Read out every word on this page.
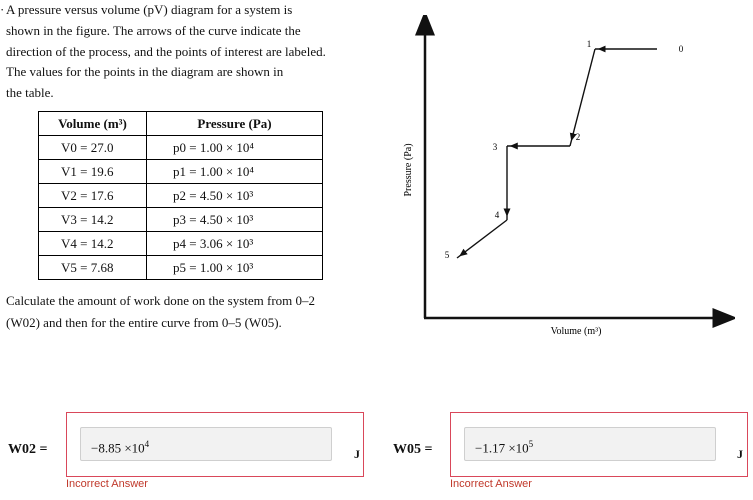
· A pressure versus volume (pV) diagram for a system is
shown in the figure. The arrows of the curve indicate the
direction of the process, and the points of interest are labeled.
The values for the points in the diagram are shown in
the table.
Volume (m³)	Pressure (Pa)
V0 = 27.0	p0 = 1.00 × 10⁴
V1 = 19.6	p1 = 1.00 × 10⁴
V2 = 17.6	p2 = 4.50 × 10³
V3 = 14.2	p3 = 4.50 × 10³
V4 = 14.2	p4 = 3.06 × 10³
V5 = 7.68	p5 = 1.00 × 10³
Calculate the amount of work done on the system from 0–2
(W02) and then for the entire curve from 0–5 (W05).
Pressure (Pa)
Volume (m³)
0
1
2
3
4
5
W02 =	$-8.85 \times 10^4$
J
Incorrect Answer
W05 =	$-1.17 \times 10^5$
J
Incorrect Answer
